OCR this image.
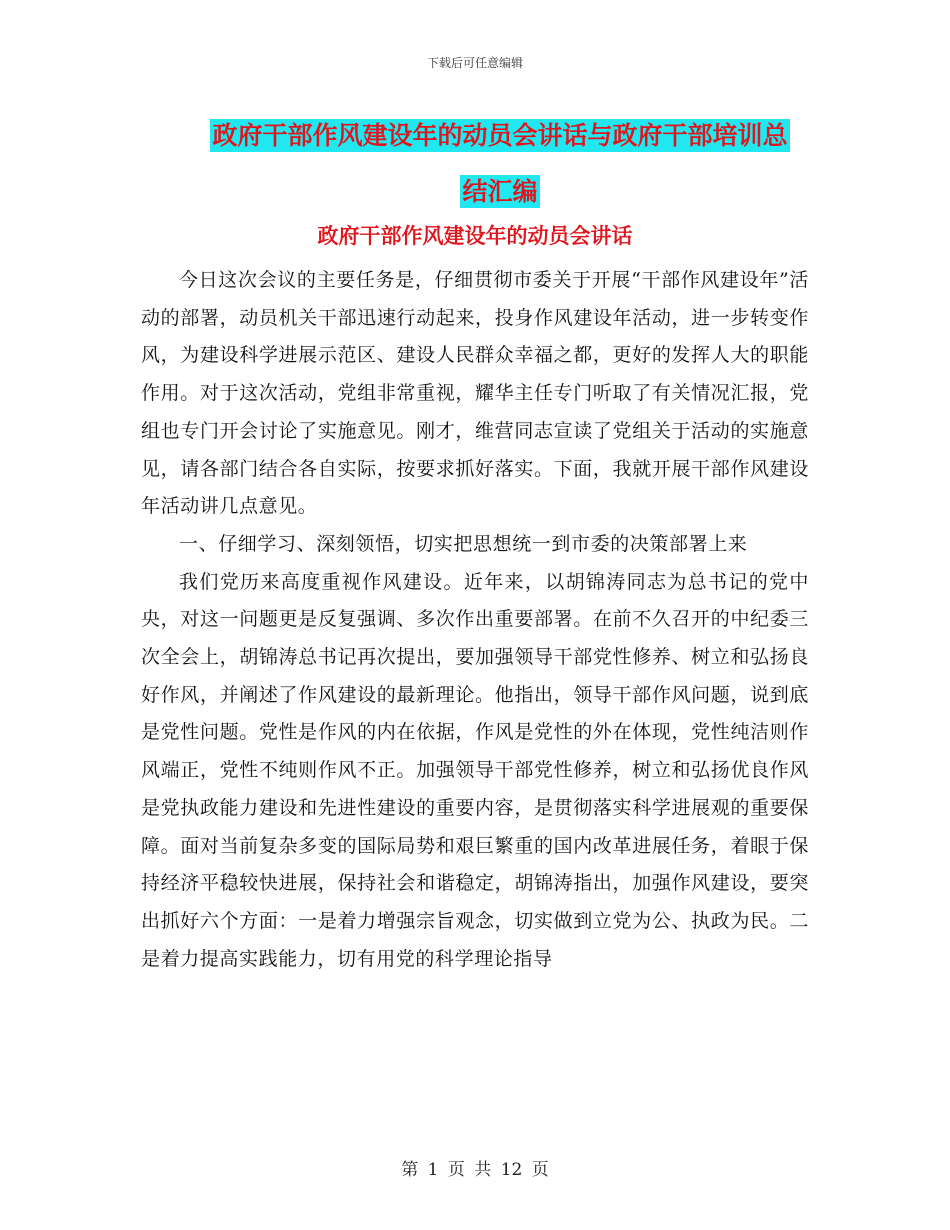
下载后可任意编辑
政府干部作风建设年的动员会讲话与政府干部培训总
结汇编
政府干部作风建设年的动员会讲话

今日这次会议的主要任务是，仔细贯彻市委关于开展“干部作风建设年”活动的部署，动员机关干部迅速行动起来，投身作风建设年活动，进一步转变作风，为建设科学进展示范区、建设人民群众幸福之都，更好的发挥人大的职能作用。对于这次活动，党组非常重视，耀华主任专门听取了有关情况汇报，党组也专门开会讨论了实施意见。刚才，维营同志宣读了党组关于活动的实施意见，请各部门结合各自实际，按要求抓好落实。下面，我就开展干部作风建设年活动讲几点意见。

一、仔细学习、深刻领悟，切实把思想统一到市委的决策部署上来

我们党历来高度重视作风建设。近年来，以胡锦涛同志为总书记的党中央，对这一问题更是反复强调、多次作出重要部署。在前不久召开的中纪委三次全会上，胡锦涛总书记再次提出，要加强领导干部党性修养、树立和弘扬良好作风，并阐述了作风建设的最新理论。他指出，领导干部作风问题，说到底是党性问题。党性是作风的内在依据，作风是党性的外在体现，党性纯洁则作风端正，党性不纯则作风不正。加强领导干部党性修养，树立和弘扬优良作风是党执政能力建设和先进性建设的重要内容，是贯彻落实科学进展观的重要保障。面对当前复杂多变的国际局势和艰巨繁重的国内改革进展任务，着眼于保持经济平稳较快进展，保持社会和谐稳定，胡锦涛指出，加强作风建设，要突出抓好六个方面：一是着力增强宗旨观念，切实做到立党为公、执政为民。二是着力提高实践能力，切有用党的科学理论指导

第 1 页 共 12 页
